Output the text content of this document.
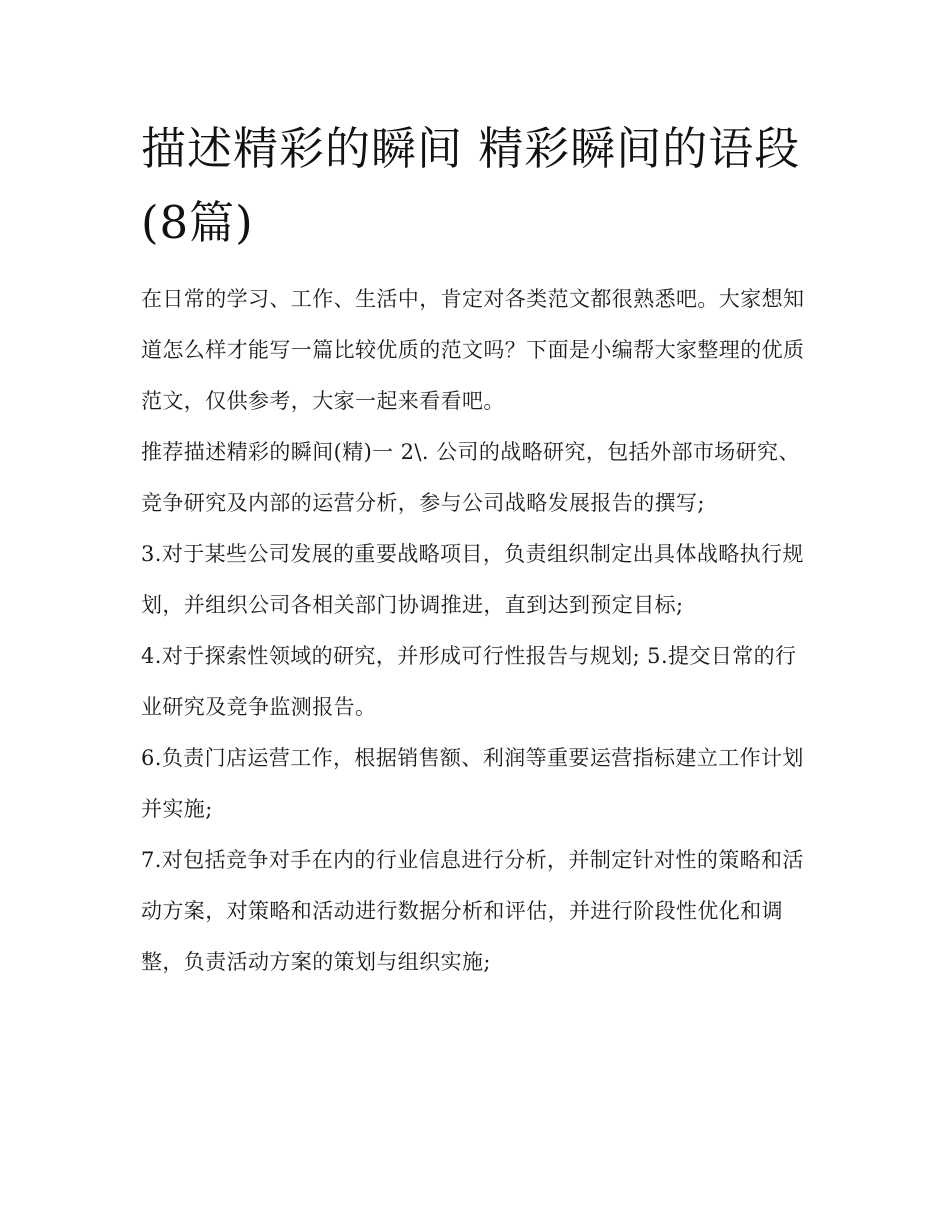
描述精彩的瞬间 精彩瞬间的语段(8篇)

在日常的学习、工作、生活中，肯定对各类范文都很熟悉吧。大家想知道怎么样才能写一篇比较优质的范文吗？下面是小编帮大家整理的优质范文，仅供参考，大家一起来看看吧。

推荐描述精彩的瞬间(精)一 2\. 公司的战略研究，包括外部市场研究、竞争研究及内部的运营分析，参与公司战略发展报告的撰写;

3.对于某些公司发展的重要战略项目，负责组织制定出具体战略执行规划，并组织公司各相关部门协调推进，直到达到预定目标;

4.对于探索性领域的研究，并形成可行性报告与规划; 5.提交日常的行业研究及竞争监测报告。

6.负责门店运营工作，根据销售额、利润等重要运营指标建立工作计划并实施;

7.对包括竞争对手在内的行业信息进行分析，并制定针对性的策略和活动方案，对策略和活动进行数据分析和评估，并进行阶段性优化和调整，负责活动方案的策划与组织实施;
